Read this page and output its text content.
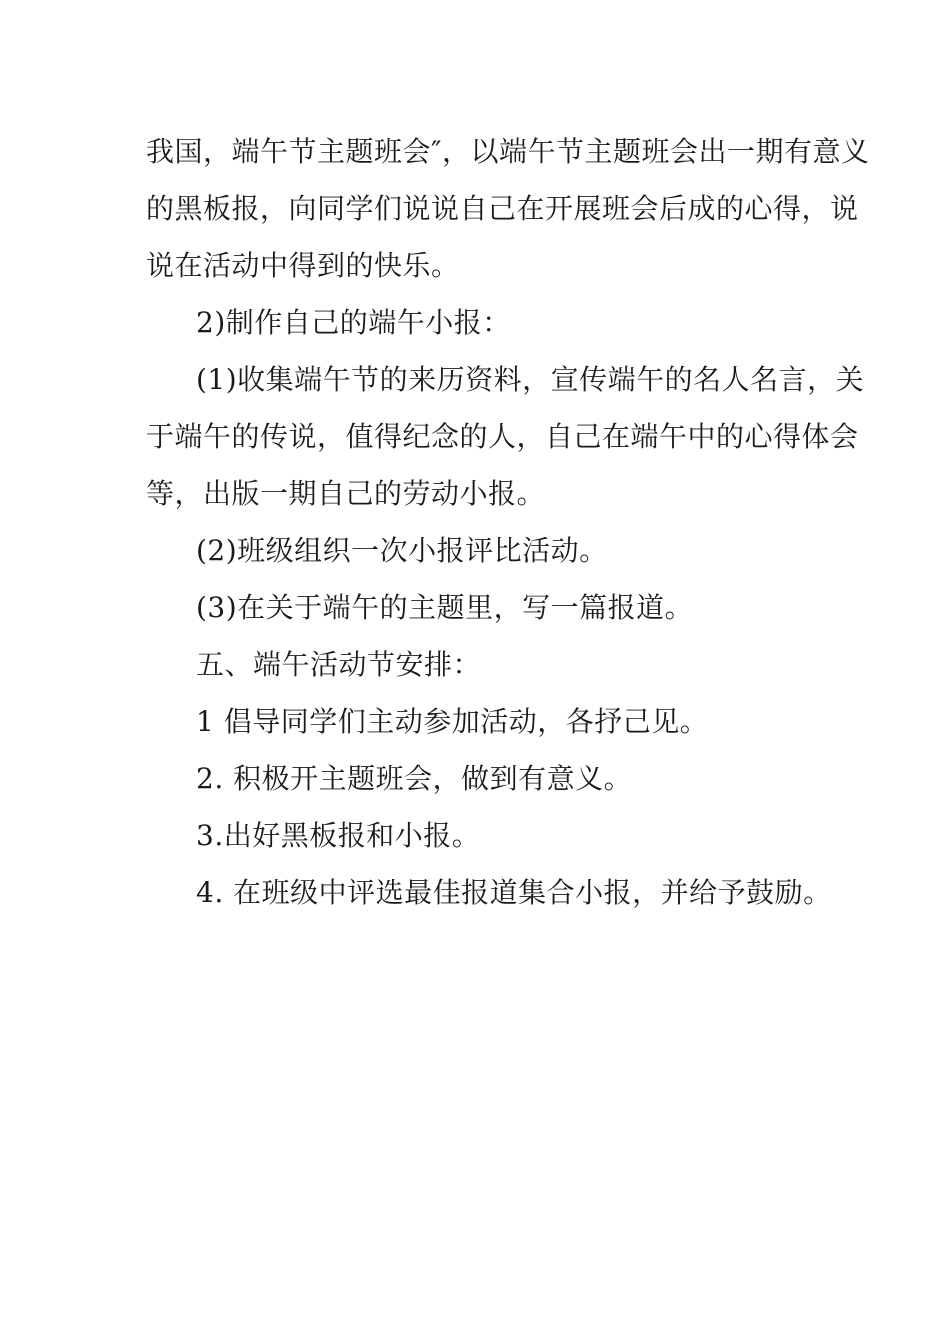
我国，端午节主题班会″，以端午节主题班会出一期有意义
的黑板报，向同学们说说自己在开展班会后成的心得，说
说在活动中得到的快乐。
2)制作自己的端午小报：
(1)收集端午节的来历资料，宣传端午的名人名言，关
于端午的传说，值得纪念的人，自己在端午中的心得体会
等，出版一期自己的劳动小报。
(2)班级组织一次小报评比活动。
(3)在关于端午的主题里，写一篇报道。
五、端午活动节安排：
1 倡导同学们主动参加活动，各抒己见。
2. 积极开主题班会，做到有意义。
3.出好黑板报和小报。
4. 在班级中评选最佳报道集合小报，并给予鼓励。
